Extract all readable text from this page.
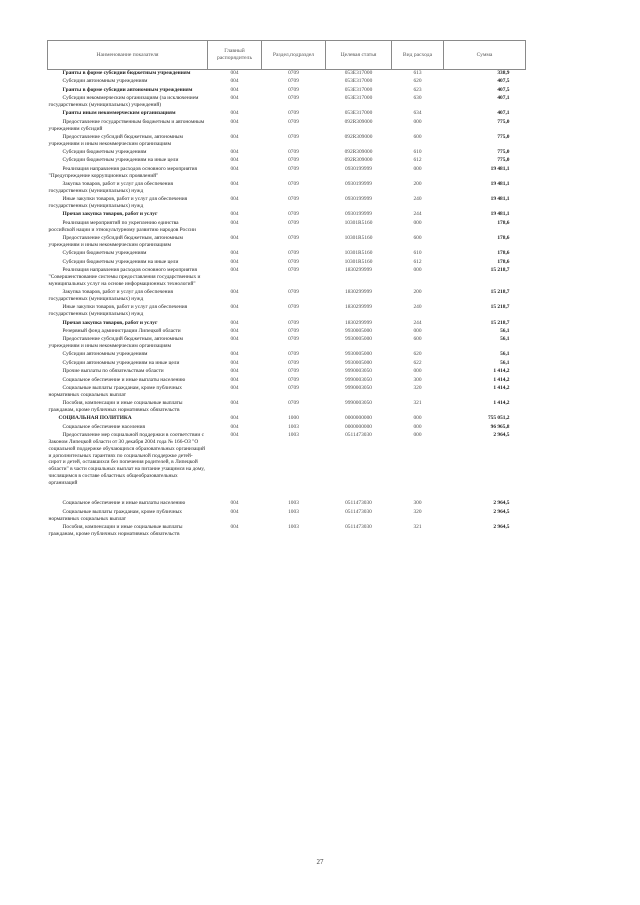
Наименование показателя	Главный распорядитель	Раздел,подраздел	Целевая статья	Вид расхода	Сумма
Гранты в форме субсидии бюджетным учреждениям	004	0709	053Е317000	613	338,9
Субсидии автономным учреждениям	004	0709	053Е317000	620	407,5
Гранты в форме субсидии автономным учреждениям	004	0709	053Е317000	623	407,5
Субсидии некоммерческим организациям (за исключением государственных (муниципальных) учреждений)	004	0709	053Е317000	630	407,1
Гранты иным некоммерческим организациям	004	0709	053Е317000	634	407,1
Предоставление государственным бюджетным и автономным учреждениям субсидий	004	0709	092R309000	000	775,0
Предоставление субсидий бюджетным, автономным учреждениям и иным некоммерческим организациям	004	0709	092R309000	600	775,0
Субсидии бюджетным учреждениям	004	0709	092R309000	610	775,0
Субсидии бюджетным учреждениям на иные цели	004	0709	092R309000	612	775,0
Реализация направления расходов основного мероприятия "Предупреждение коррупционных проявлений"	004	0709	0930199999	000	19 481,1
Закупка товаров, работ и услуг для обеспечения государственных (муниципальных) нужд	004	0709	0930199999	200	19 481,1
Иные закупки товаров, работ и услуг для обеспечения государственных (муниципальных) нужд	004	0709	0930199999	240	19 481,1
Прочая закупка товаров, работ и услуг	004	0709	0930199999	244	19 481,1
Реализация мероприятий по укреплению единства российской нации и этнокультурному развитию народов России	004	0709	10301R5160	000	178,6
Предоставление субсидий бюджетным, автономным учреждениям и иным некоммерческим организациям	004	0709	10301R5160	600	178,6
Субсидии бюджетным учреждениям	004	0709	10301R5160	610	178,6
Субсидии бюджетным учреждениям на иные цели	004	0709	10301R5160	612	178,6
Реализация направления расходов основного мероприятия "Совершенствование системы предоставления государственных и муниципальных услуг на основе информационных технологий"	004	0709	1830299999	000	15 218,7
Закупка товаров, работ и услуг для обеспечения государственных (муниципальных) нужд	004	0709	1830299999	200	15 218,7
Иные закупки товаров, работ и услуг для обеспечения государственных (муниципальных) нужд	004	0709	1830299999	240	15 218,7
Прочая закупка товаров, работ и услуг	004	0709	1830299999	244	15 218,7
Резервный фонд администрации Липецкой области	004	0709	9930005000	000	56,1
Предоставление субсидий бюджетным, автономным учреждениям и иным некоммерческим организациям	004	0709	9930005000	600	56,1
Субсидии автономным учреждениям	004	0709	9930005000	620	56,1
Субсидии автономным учреждениям на иные цели	004	0709	9930005000	622	56,1
Прочие выплаты по обязательствам области	004	0709	9990003050	000	1 414,2
Социальное обеспечение и иные выплаты населению	004	0709	9990003050	300	1 414,2
Социальные выплаты гражданам, кроме публичных нормативных социальных выплат	004	0709	9990003050	320	1 414,2
Пособия, компенсации и иные социальные выплаты гражданам, кроме публичных нормативных обязательств	004	0709	9990003050	321	1 414,2
СОЦИАЛЬНАЯ ПОЛИТИКА	004	1000	0000000000	000	755 051,2
Социальное обеспечение населения	004	1003	0000000000	000	96 965,8
Предоставление мер социальной поддержки в соответствии с Законом Липецкой области от 30 декабря 2004 года № 166-ОЗ "О социальной поддержке обучающихся образовательных организаций и дополнительных гарантиях по социальной поддержке детей-сирот и детей, оставшихся без попечения родителей, в Липецкой области" в части социальных выплат на питание учащимся на дому, числящимся в составе областных общеобразовательных организаций	004	1003	0511473030	000	2 964,5
Социальное обеспечение и иные выплаты населению	004	1003	0511473030	300	2 964,5
Социальные выплаты гражданам, кроме публичных нормативных социальных выплат	004	1003	0511473030	320	2 964,5
Пособия, компенсации и иные социальные выплаты гражданам, кроме публичных нормативных обязательств	004	1003	0511473030	321	2 964,5
27
